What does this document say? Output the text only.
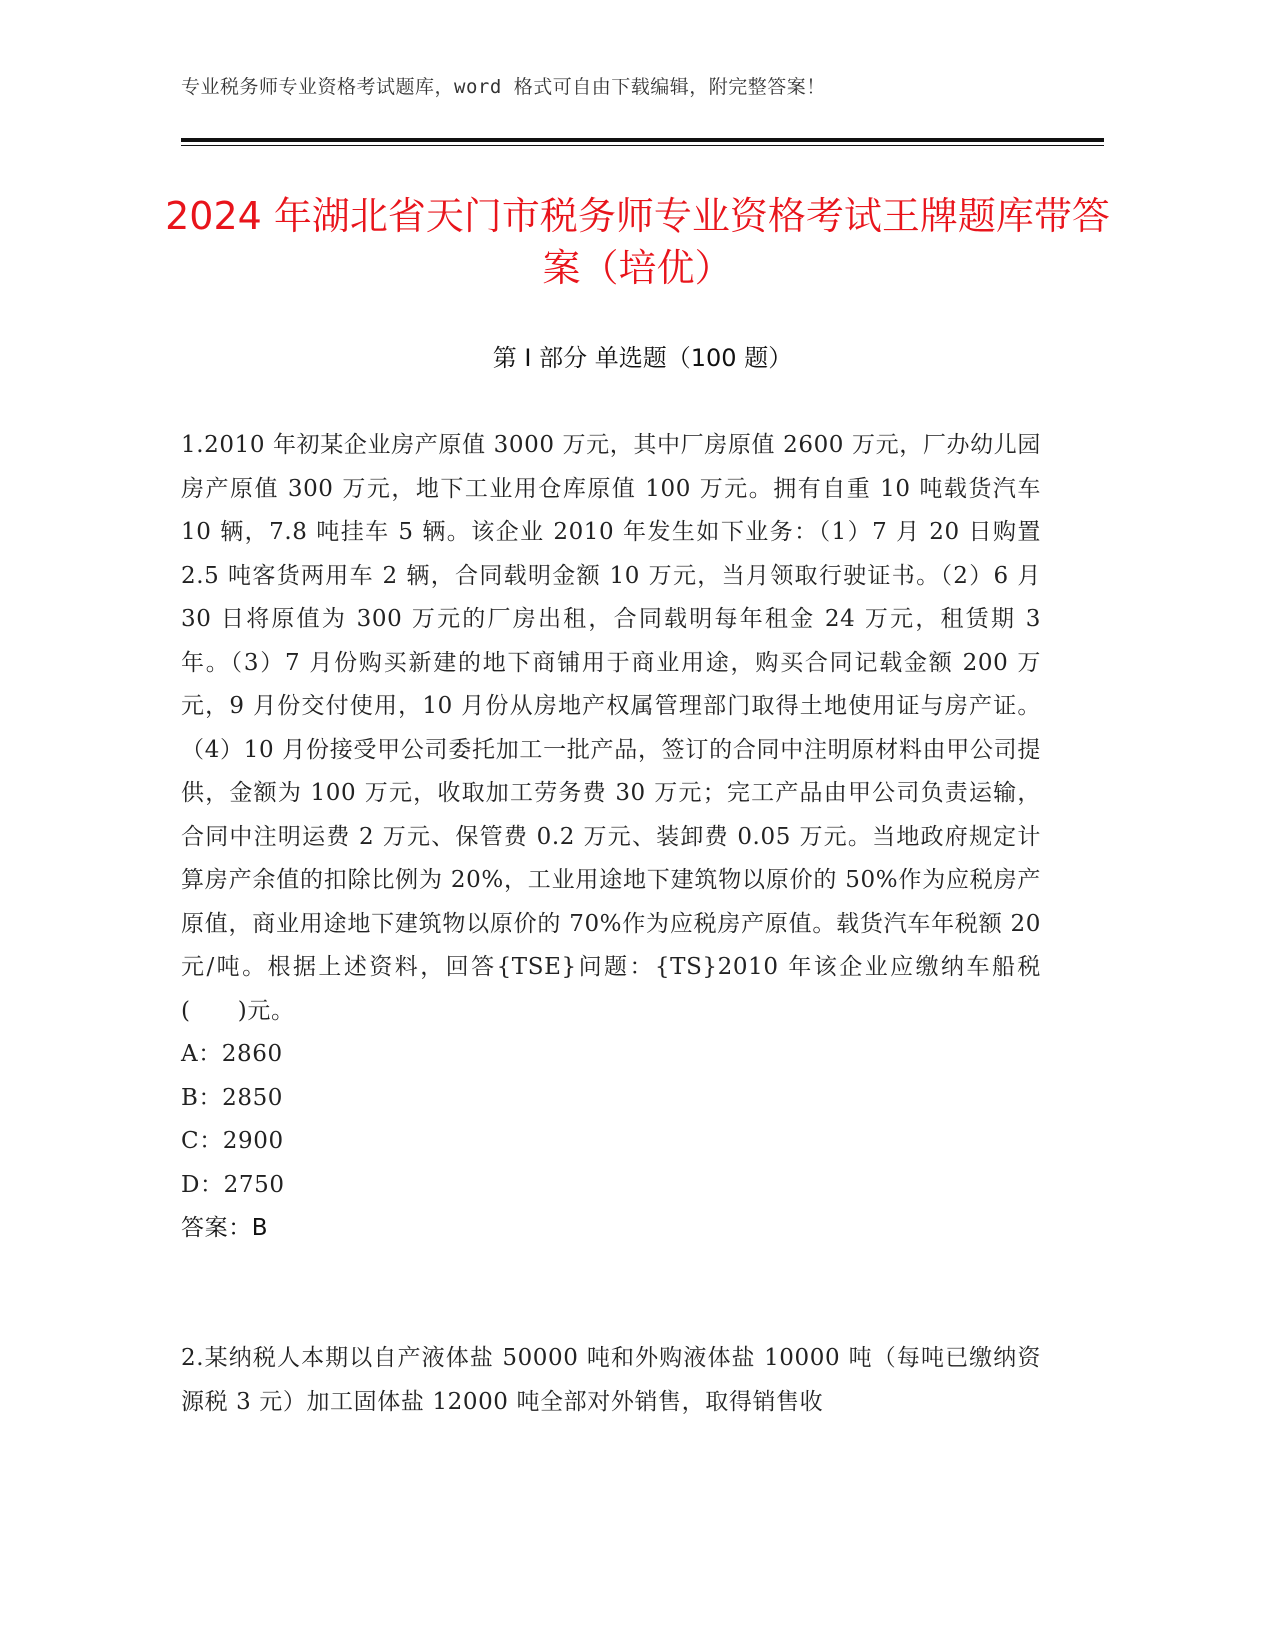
专业税务师专业资格考试题库，word 格式可自由下载编辑，附完整答案！
2024 年湖北省天门市税务师专业资格考试王牌题库带答案（培优）
第 I 部分 单选题（100 题）
1.2010 年初某企业房产原值 3000 万元，其中厂房原值 2600 万元，厂办幼儿园房产原值 300 万元，地下工业用仓库原值 100 万元。拥有自重 10 吨载货汽车 10 辆，7.8 吨挂车 5 辆。该企业 2010 年发生如下业务：（1）7 月 20 日购置 2.5 吨客货两用车 2 辆，合同载明金额 10 万元，当月领取行驶证书。（2）6 月 30 日将原值为 300 万元的厂房出租，合同载明每年租金 24 万元，租赁期 3 年。（3）7 月份购买新建的地下商铺用于商业用途，购买合同记载金额 200 万元，9 月份交付使用，10 月份从房地产权属管理部门取得土地使用证与房产证。（4）10 月份接受甲公司委托加工一批产品，签订的合同中注明原材料由甲公司提供，金额为 100 万元，收取加工劳务费 30 万元；完工产品由甲公司负责运输，合同中注明运费 2 万元、保管费 0.2 万元、装卸费 0.05 万元。当地政府规定计算房产余值的扣除比例为 20%，工业用途地下建筑物以原价的 50%作为应税房产原值，商业用途地下建筑物以原价的 70%作为应税房产原值。载货汽车年税额 20 元/吨。根据上述资料，回答{TSE}问题：{TS}2010 年该企业应缴纳车船税(　　)元。
A：2860
B：2850
C：2900
D：2750
答案：B
2.某纳税人本期以自产液体盐 50000 吨和外购液体盐 10000 吨（每吨已缴纳资源税 3 元）加工固体盐 12000 吨全部对外销售，取得销售收
